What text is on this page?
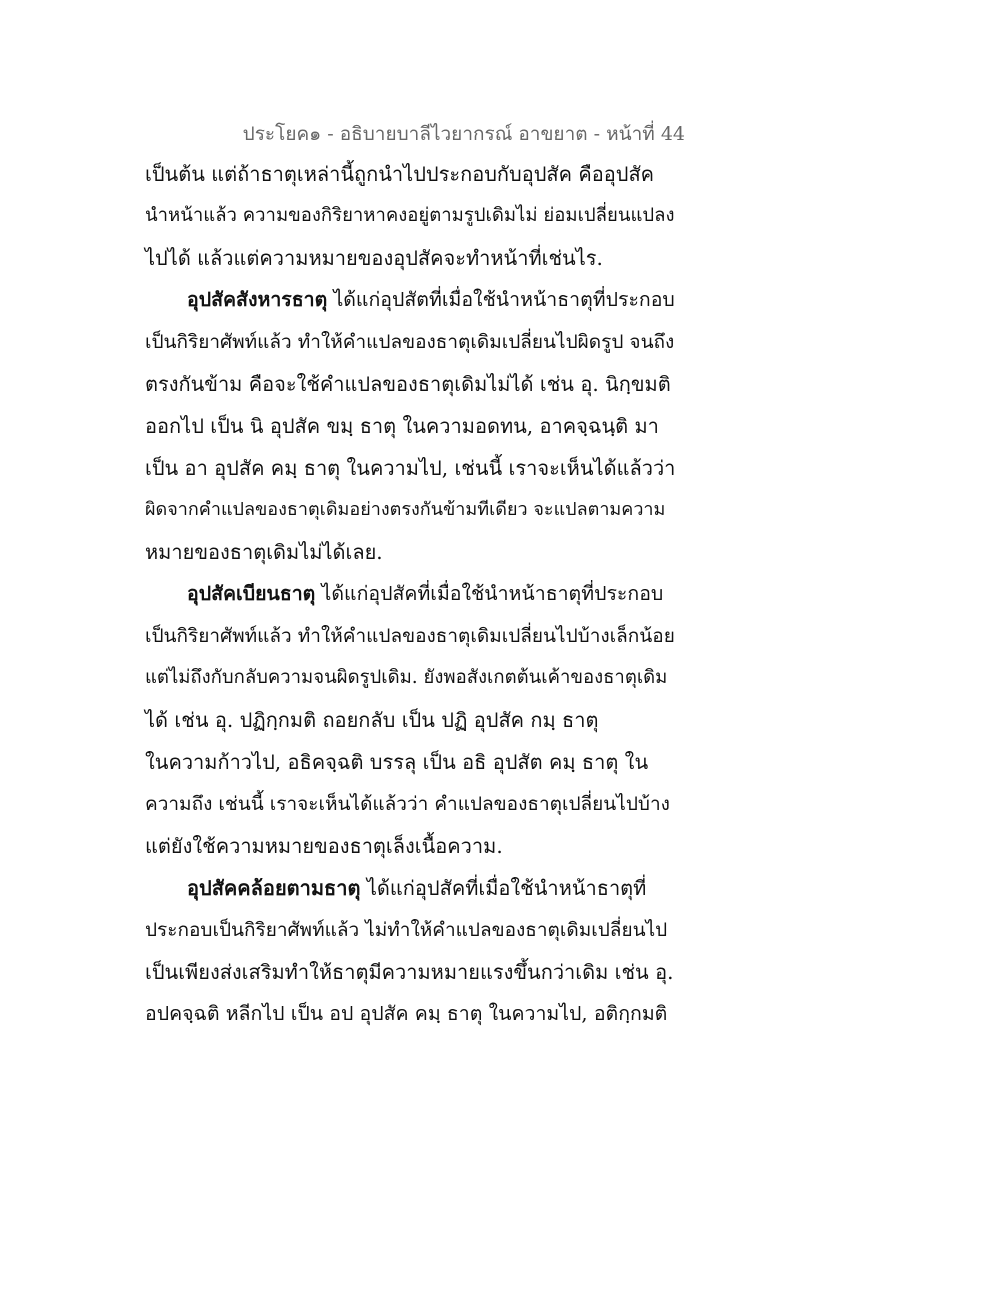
ประโยค๑ - อธิบายบาลีไวยากรณ์ อาขยาต - หน้าที่ 44
เป็นต้น แต่ถ้าธาตุเหล่านี้ถูกนำไปประกอบกับอุปสัค คืออุปสัค
นำหน้าแล้ว ความของกิริยาหาคงอยู่ตามรูปเดิมไม่ ย่อมเปลี่ยนแปลง
ไปได้ แล้วแต่ความหมายของอุปสัคจะทำหน้าที่เช่นไร.
อุปสัคสังหารธาตุ ได้แก่อุปสัตที่เมื่อใช้นำหน้าธาตุที่ประกอบ
เป็นกิริยาศัพท์แล้ว ทำให้คำแปลของธาตุเดิมเปลี่ยนไปผิดรูป จนถึง
ตรงกันข้าม คือจะใช้คำแปลของธาตุเดิมไม่ได้ เช่น อุ. นิกฺขมติ
ออกไป เป็น นิ อุปสัค ขมฺ ธาตุ ในความอดทน, อาคจฺฉนฺติ มา
เป็น อา อุปสัค คมฺ ธาตุ ในความไป, เช่นนี้ เราจะเห็นได้แล้วว่า
ผิดจากคำแปลของธาตุเดิมอย่างตรงกันข้ามทีเดียว จะแปลตามความ
หมายของธาตุเดิมไม่ได้เลย.
อุปสัคเบียนธาตุ ได้แก่อุปสัคที่เมื่อใช้นำหน้าธาตุที่ประกอบ
เป็นกิริยาศัพท์แล้ว ทำให้คำแปลของธาตุเดิมเปลี่ยนไปบ้างเล็กน้อย
แต่ไม่ถึงกับกลับความจนผิดรูปเดิม. ยังพอสังเกตต้นเค้าของธาตุเดิม
ได้ เช่น อุ. ปฏิกฺกมติ ถอยกลับ เป็น ปฏิ อุปสัค กมฺ ธาตุ
ในความก้าวไป, อธิคจฺฉติ บรรลุ เป็น อธิ อุปสัต คมฺ ธาตุ ใน
ความถึง เช่นนี้ เราจะเห็นได้แล้วว่า คำแปลของธาตุเปลี่ยนไปบ้าง
แต่ยังใช้ความหมายของธาตุเล็งเนื้อความ.
อุปสัคคล้อยตามธาตุ ได้แก่อุปสัคที่เมื่อใช้นำหน้าธาตุที่
ประกอบเป็นกิริยาศัพท์แล้ว ไม่ทำให้คำแปลของธาตุเดิมเปลี่ยนไป
เป็นเพียงส่งเสริมทำให้ธาตุมีความหมายแรงขึ้นกว่าเดิม เช่น อุ.
อปคจฺฉติ หลีกไป เป็น อป อุปสัค คมฺ ธาตุ ในความไป, อติกฺกมติ
